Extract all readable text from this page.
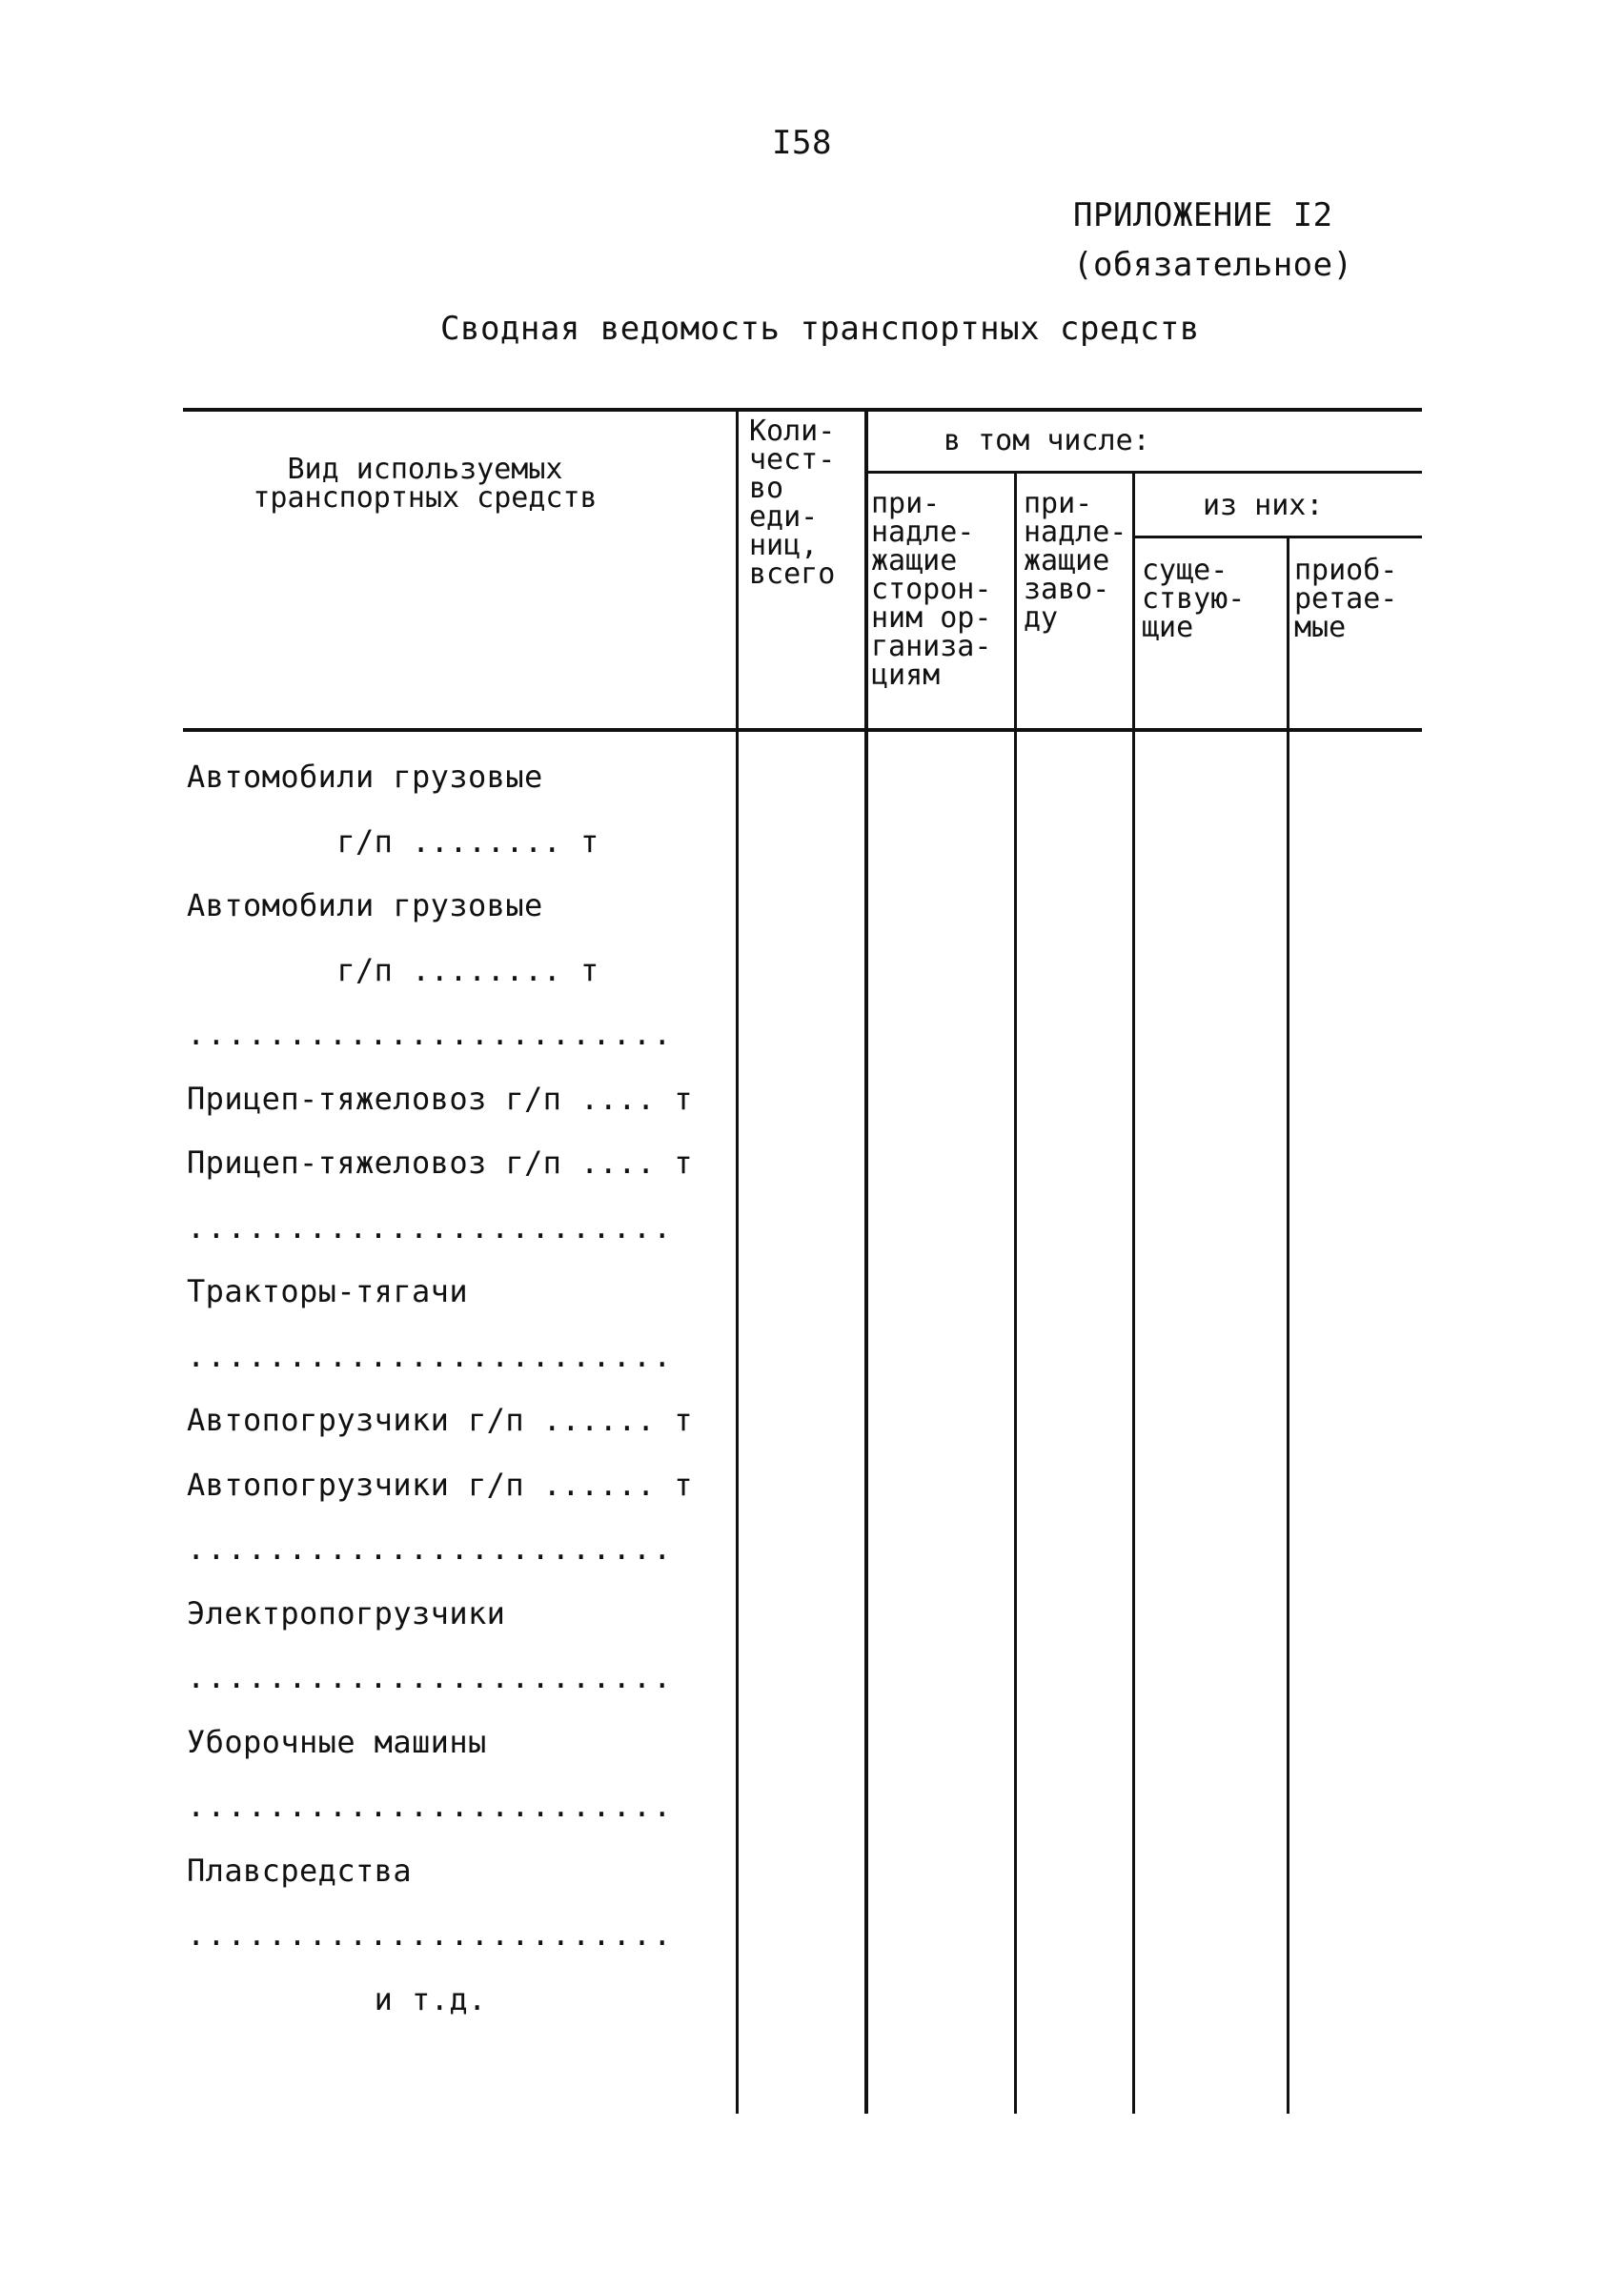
I58
ПРИЛОЖЕНИЕ I2
(обязательное)
Сводная ведомость транспортных средств
Вид используемых
транспортных средств
Коли-
чест-
во
еди-
ниц,
всего
в том числе:
при-
надле-
жащие
сторон-
ним ор-
ганиза-
циям
при-
надле-
жащие
заво-
ду
из них:
суще-
ствую-
щие
приоб-
ретае-
мые
Автомобили грузовые
г/п ........ т
Автомобили грузовые
г/п ........ т
........................
Прицеп-тяжеловоз г/п .... т
Прицеп-тяжеловоз г/п .... т
........................
Тракторы-тягачи
........................
Автопогрузчики г/п ...... т
Автопогрузчики г/п ...... т
........................
Электропогрузчики
........................
Уборочные машины
........................
Плавсредства
........................
и т.д.
